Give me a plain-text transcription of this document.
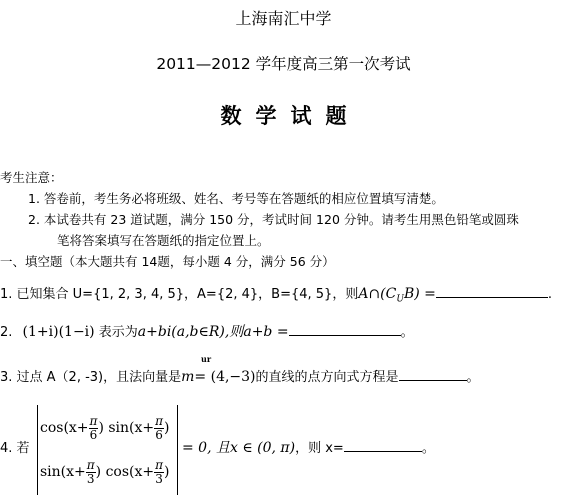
上海南汇中学
2011—2012 学年度高三第一次考试
数学试题
考生注意：
1. 答卷前，考生务必将班级、姓名、考号等在答题纸的相应位置填写清楚。
2. 本试卷共有 23 道试题，满分 150 分，考试时间 120 分钟。请考生用黑色铅笔或圆珠
笔将答案填写在答题纸的指定位置上。
一、填空题（本大题共有 14题，每小题 4 分，满分 56 分）
1. 已知集合 U={1, 2, 3, 4, 5}，A={2, 4}，B={4, 5}，则$A\cap(C_UB)$ =	.
2. (1+i)(1−i) 表示为a+bi(a,b∈R),则a+b =	。
ur
3. 过点 A（2, -3)，且法向量是m= (4,−3)的直线的点方向式方程是	。
4. 若
$\cos(x+ \frac{\pi}{6}$ ) $\sin(x+ \frac{\pi}{6}$ )
$\sin(x+ \frac{\pi}{3}$ ) $\cos(x+ \frac{\pi}{3}$ )
= 0, 且x ∈ (0, π)，则 x=	。
